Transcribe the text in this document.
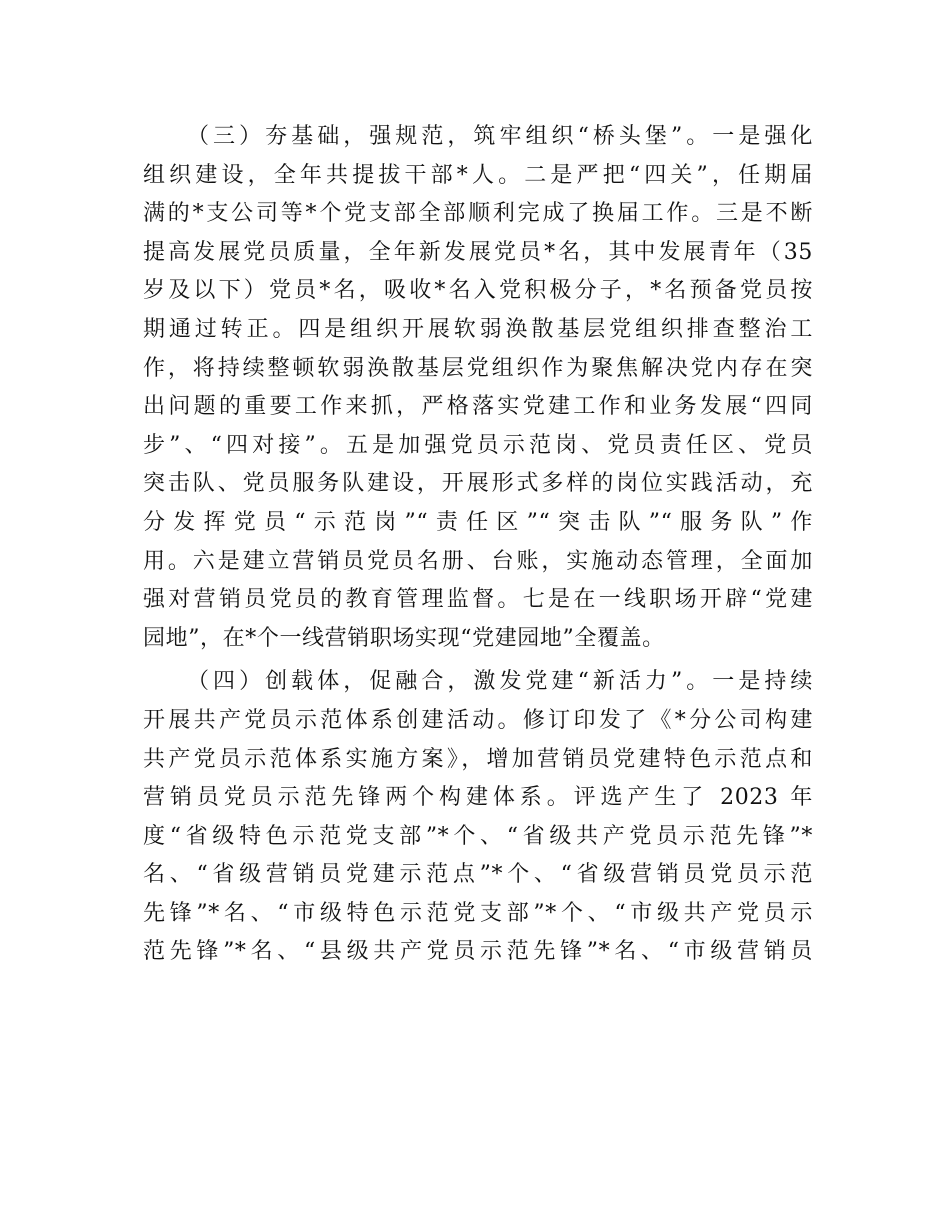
（三）夯基础，强规范，筑牢组织“桥头堡”。一是强化
组织建设，全年共提拔干部*人。二是严把“四关”，任期届
满的*支公司等*个党支部全部顺利完成了换届工作。三是不断
提高发展党员质量，全年新发展党员*名，其中发展青年（35
岁及以下）党员*名，吸收*名入党积极分子，*名预备党员按
期通过转正。四是组织开展软弱涣散基层党组织排查整治工
作，将持续整顿软弱涣散基层党组织作为聚焦解决党内存在突
出问题的重要工作来抓，严格落实党建工作和业务发展“四同
步”、“四对接”。五是加强党员示范岗、党员责任区、党员
突击队、党员服务队建设，开展形式多样的岗位实践活动，充
分发挥党员“示范岗”“责任区”“突击队”“服务队”作
用。六是建立营销员党员名册、台账，实施动态管理，全面加
强对营销员党员的教育管理监督。七是在一线职场开辟“党建
园地”，在*个一线营销职场实现“党建园地”全覆盖。

（四）创载体，促融合，激发党建“新活力”。一是持续
开展共产党员示范体系创建活动。修订印发了《*分公司构建
共产党员示范体系实施方案》，增加营销员党建特色示范点和
营销员党员示范先锋两个构建体系。评选产生了 2023 年
度“省级特色示范党支部”*个、“省级共产党员示范先锋”*
名、“省级营销员党建示范点”*个、“省级营销员党员示范
先锋”*名、“市级特色示范党支部”*个、“市级共产党员示
范先锋”*名、“县级共产党员示范先锋”*名、“市级营销员
